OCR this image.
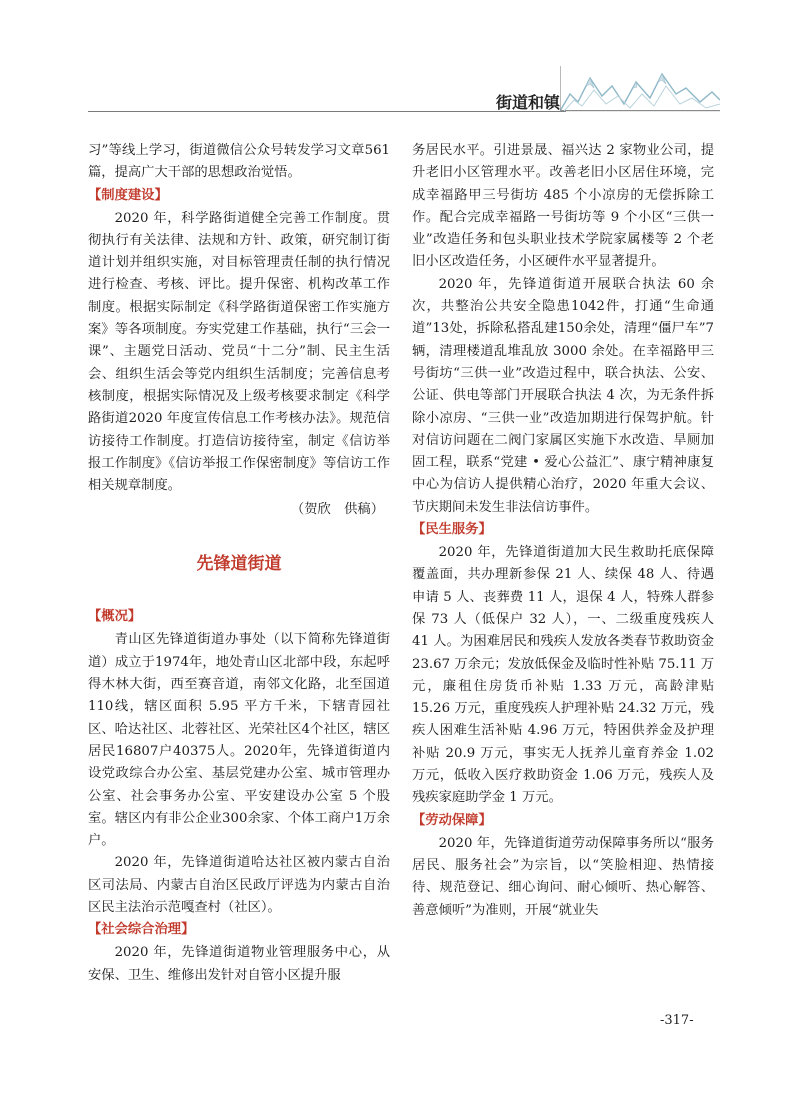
街道和镇

习”等线上学习，街道微信公众号转发学习文章561篇，提高广大干部的思想政治觉悟。

【制度建设】

2020 年，科学路街道健全完善工作制度。贯彻执行有关法律、法规和方针、政策，研究制订街道计划并组织实施，对目标管理责任制的执行情况进行检查、考核、评比。提升保密、机构改革工作制度。根据实际制定《科学路街道保密工作实施方案》等各项制度。夯实党建工作基础，执行“三会一课”、主题党日活动、党员“十二分”制、民主生活会、组织生活会等党内组织生活制度；完善信息考核制度，根据实际情况及上级考核要求制定《科学路街道2020 年度宣传信息工作考核办法》。规范信访接待工作制度。打造信访接待室，制定《信访举报工作制度》《信访举报工作保密制度》等信访工作相关规章制度。

（贺欣　供稿）
先锋道街道
【概况】

青山区先锋道街道办事处（以下简称先锋道街道）成立于1974年，地处青山区北部中段，东起呼得木林大街，西至赛音道，南邻文化路，北至国道110线，辖区面积 5.95 平方千米，下辖青园社区、哈达社区、北蓉社区、光荣社区4个社区，辖区居民16807户40375人。2020年，先锋道街道内设党政综合办公室、基层党建办公室、城市管理办公室、社会事务办公室、平安建设办公室 5 个股室。辖区内有非公企业300余家、个体工商户1万余户。

2020 年，先锋道街道哈达社区被内蒙古自治区司法局、内蒙古自治区民政厅评选为内蒙古自治区民主法治示范嘎查村（社区）。

【社会综合治理】

2020 年，先锋道街道物业管理服务中心，从安保、卫生、维修出发针对自管小区提升服

务居民水平。引进景晟、福兴达 2 家物业公司，提升老旧小区管理水平。改善老旧小区居住环境，完成幸福路甲三号街坊 485 个小凉房的无偿拆除工作。配合完成幸福路一号街坊等 9 个小区“三供一业”改造任务和包头职业技术学院家属楼等 2 个老旧小区改造任务，小区硬件水平显著提升。

2020 年，先锋道街道开展联合执法 60 余次，共整治公共安全隐患1042件，打通“生命通道”13处，拆除私搭乱建150余处，清理“僵尸车”7 辆，清理楼道乱堆乱放 3000 余处。在幸福路甲三号街坊“三供一业”改造过程中，联合执法、公安、公证、供电等部门开展联合执法 4 次，为无条件拆除小凉房、“三供一业”改造加期进行保驾护航。针对信访问题在二阀门家属区实施下水改造、旱厕加固工程，联系“党建 • 爱心公益汇”、康宁精神康复中心为信访人提供精心治疗，2020 年重大会议、节庆期间未发生非法信访事件。

【民生服务】

2020 年，先锋道街道加大民生救助托底保障覆盖面，共办理新参保 21 人、续保 48 人、待遇申请 5 人、丧葬费 11 人，退保 4 人，特殊人群参保 73 人（低保户 32 人），一、二级重度残疾人 41 人。为困难居民和残疾人发放各类春节救助资金 23.67 万余元；发放低保金及临时性补贴 75.11 万元，廉租住房货币补贴 1.33 万元，高龄津贴 15.26 万元，重度残疾人护理补贴 24.32 万元，残疾人困难生活补贴 4.96 万元，特困供养金及护理补贴 20.9 万元，事实无人抚养儿童育养金 1.02 万元，低收入医疗救助资金 1.06 万元，残疾人及残疾家庭助学金 1 万元。

【劳动保障】

2020 年，先锋道街道劳动保障事务所以“服务居民、服务社会”为宗旨，以“笑脸相迎、热情接待、规范登记、细心询问、耐心倾听、热心解答、善意倾听”为准则，开展“就业失

-317-
